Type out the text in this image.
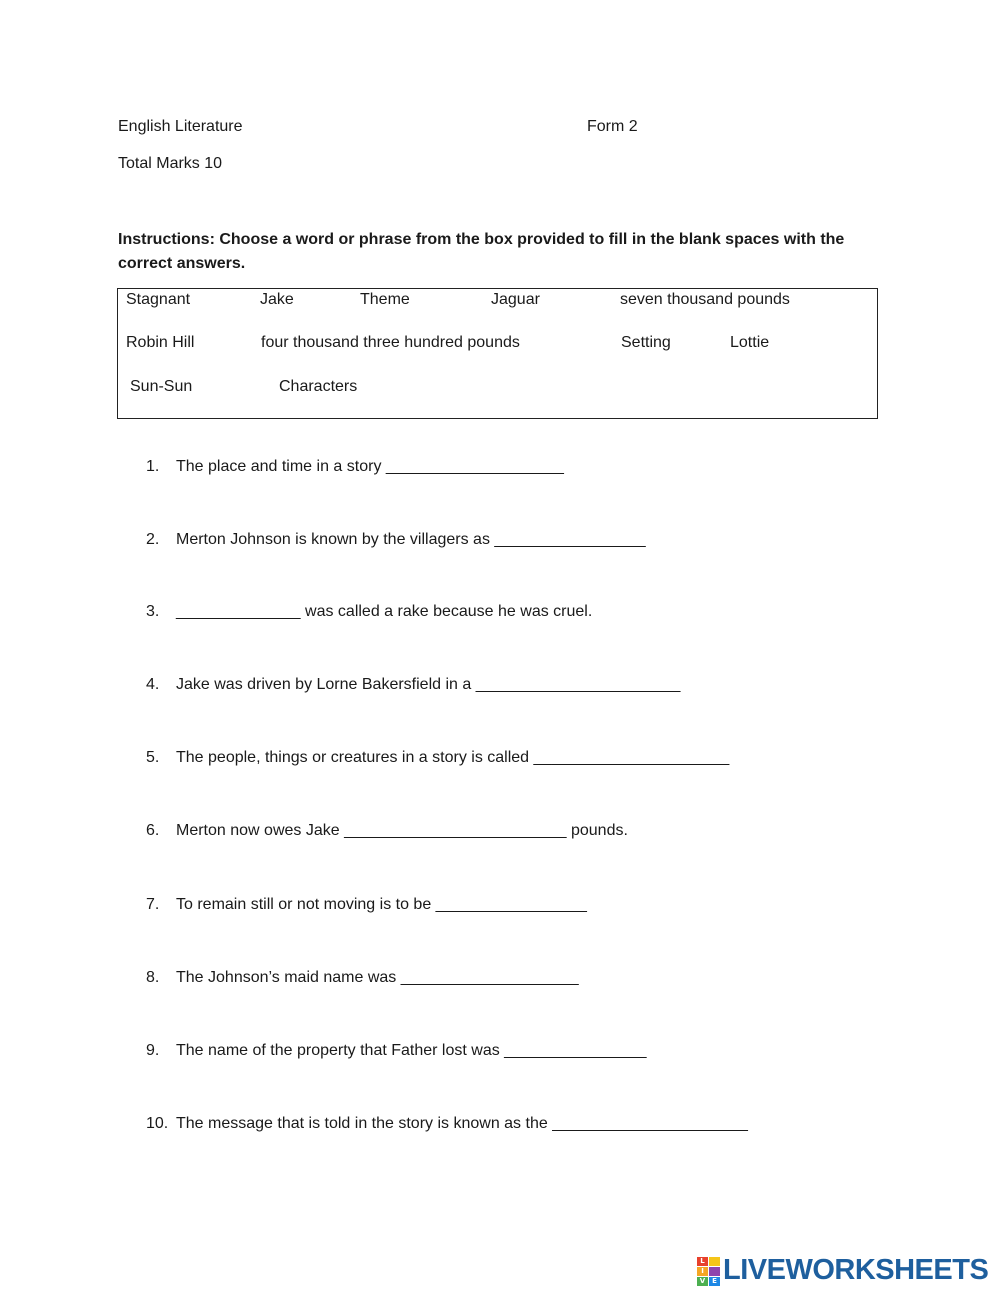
English Literature	Form 2
Total Marks 10
Instructions: Choose a word or phrase from the box provided to fill in the blank spaces with the correct answers.
Stagnant	Jake	Theme	Jaguar	seven thousand pounds
Robin Hill	four thousand three hundred pounds	Setting	Lottie
Sun-Sun	Characters
1. The place and time in a story ____________________
2. Merton Johnson is known by the villagers as _________________
3. ______________ was called a rake because he was cruel.
4. Jake was driven by Lorne Bakersfield in a _______________________
5. The people, things or creatures in a story is called ______________________
6. Merton now owes Jake _________________________ pounds.
7. To remain still or not moving is to be _________________
8. The Johnson’s maid name was ____________________
9. The name of the property that Father lost was ________________
10. The message that is told in the story is known as the ______________________
L
I
V E LIVEWORKSHEETS
